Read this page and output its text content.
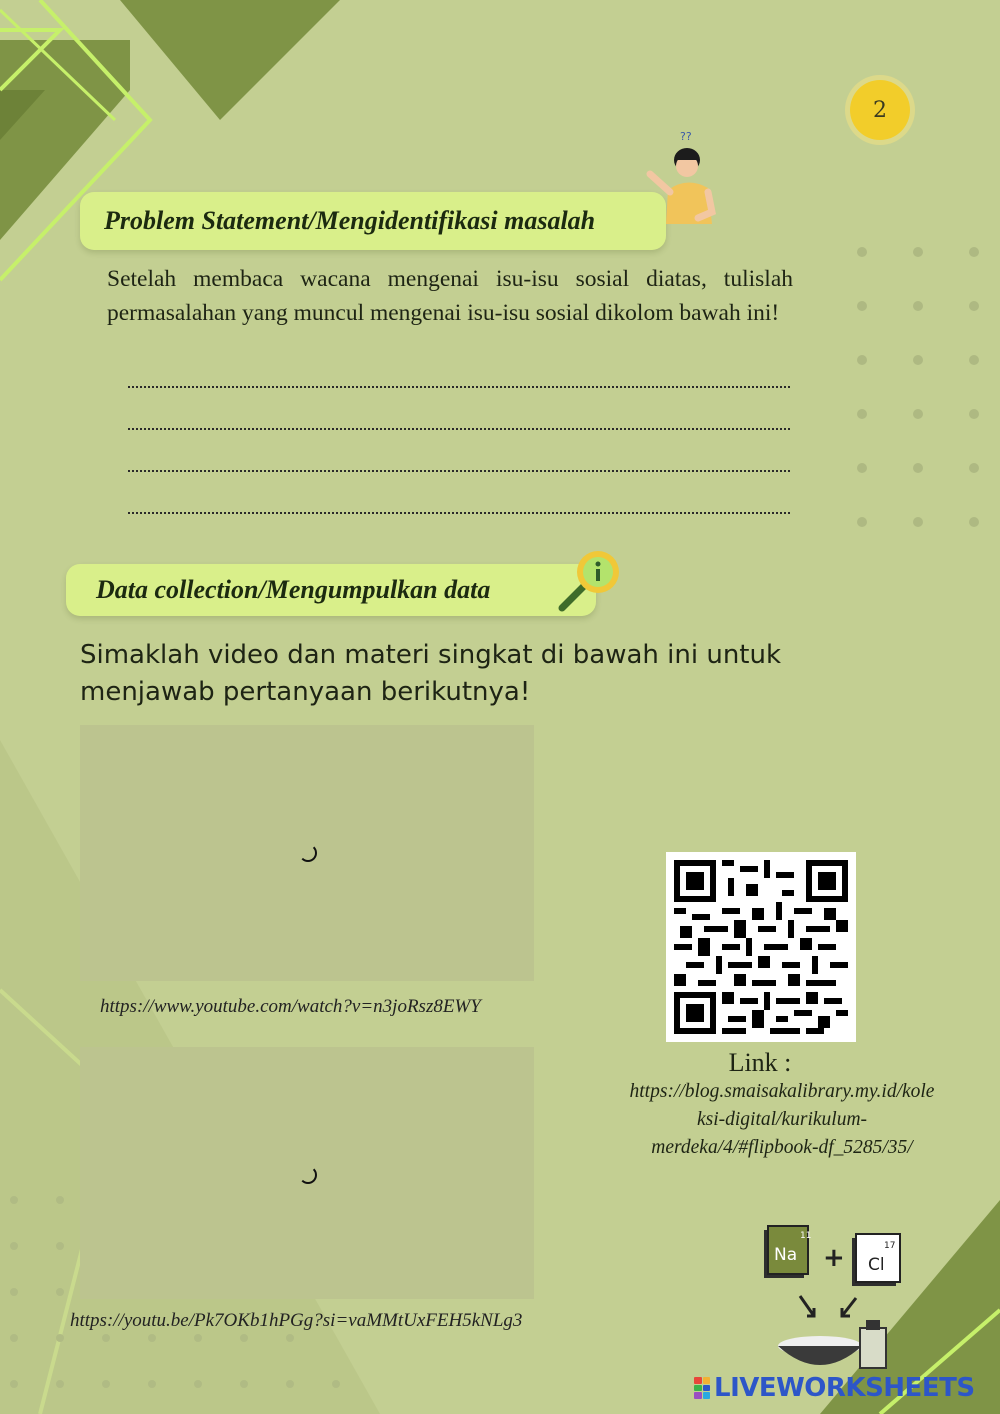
2
Problem Statement/Mengidentifikasi masalah
??
Setelah membaca wacana mengenai isu-isu sosial diatas, tulislah permasalahan yang muncul mengenai isu-isu sosial dikolom bawah ini!
Data collection/Mengumpulkan data
Simaklah video dan materi singkat di bawah ini untuk menjawab pertanyaan berikutnya!
https://www.youtube.com/watch?v=n3joRsz8EWY
https://youtu.be/Pk7OKb1hPGg?si=vaMMtUxFEH5kNLg3
Link :
https://blog.smaisakalibrary.my.id/kole
ksi-digital/kurikulum-
merdeka/4/#flipbook-df_5285/35/
11
Na +	17
Cl
LIVEWORKSHEETS
